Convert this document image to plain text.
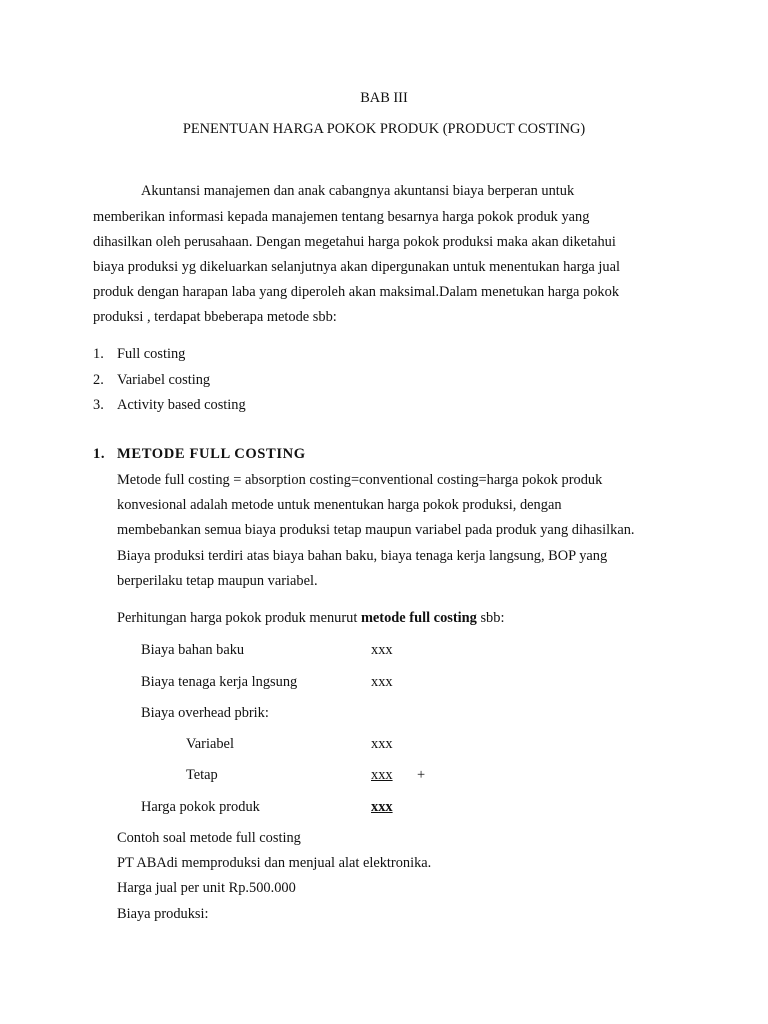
BAB III
PENENTUAN HARGA POKOK PRODUK (PRODUCT COSTING)
Akuntansi manajemen dan anak cabangnya akuntansi biaya berperan untuk
memberikan informasi kepada manajemen tentang besarnya harga pokok produk yang
dihasilkan oleh perusahaan. Dengan megetahui harga pokok produksi maka akan diketahui
biaya produksi yg dikeluarkan selanjutnya akan dipergunakan untuk menentukan harga jual
produk dengan harapan laba yang diperoleh akan maksimal.Dalam menetukan harga pokok
produksi , terdapat bbeberapa metode sbb:
1. Full costing
2. Variabel costing
3. Activity based costing
1. METODE FULL COSTING
Metode full costing = absorption costing=conventional costing=harga pokok produk
konvesional adalah metode untuk menentukan harga pokok produksi, dengan
membebankan semua biaya produksi tetap maupun variabel pada produk yang dihasilkan.
Biaya produksi terdiri atas biaya bahan baku, biaya tenaga kerja langsung, BOP yang
berperilaku tetap maupun variabel.
Perhitungan harga pokok produk menurut metode full costing sbb:
Biaya bahan baku	xxx
Biaya tenaga kerja lngsung	xxx
Biaya overhead pbrik:
Variabel	xxx
Tetap	xxx +
Harga pokok produk	xxx
Contoh soal metode full costing
PT ABAdi memproduksi dan menjual alat elektronika.
Harga jual per unit Rp.500.000
Biaya produksi:
